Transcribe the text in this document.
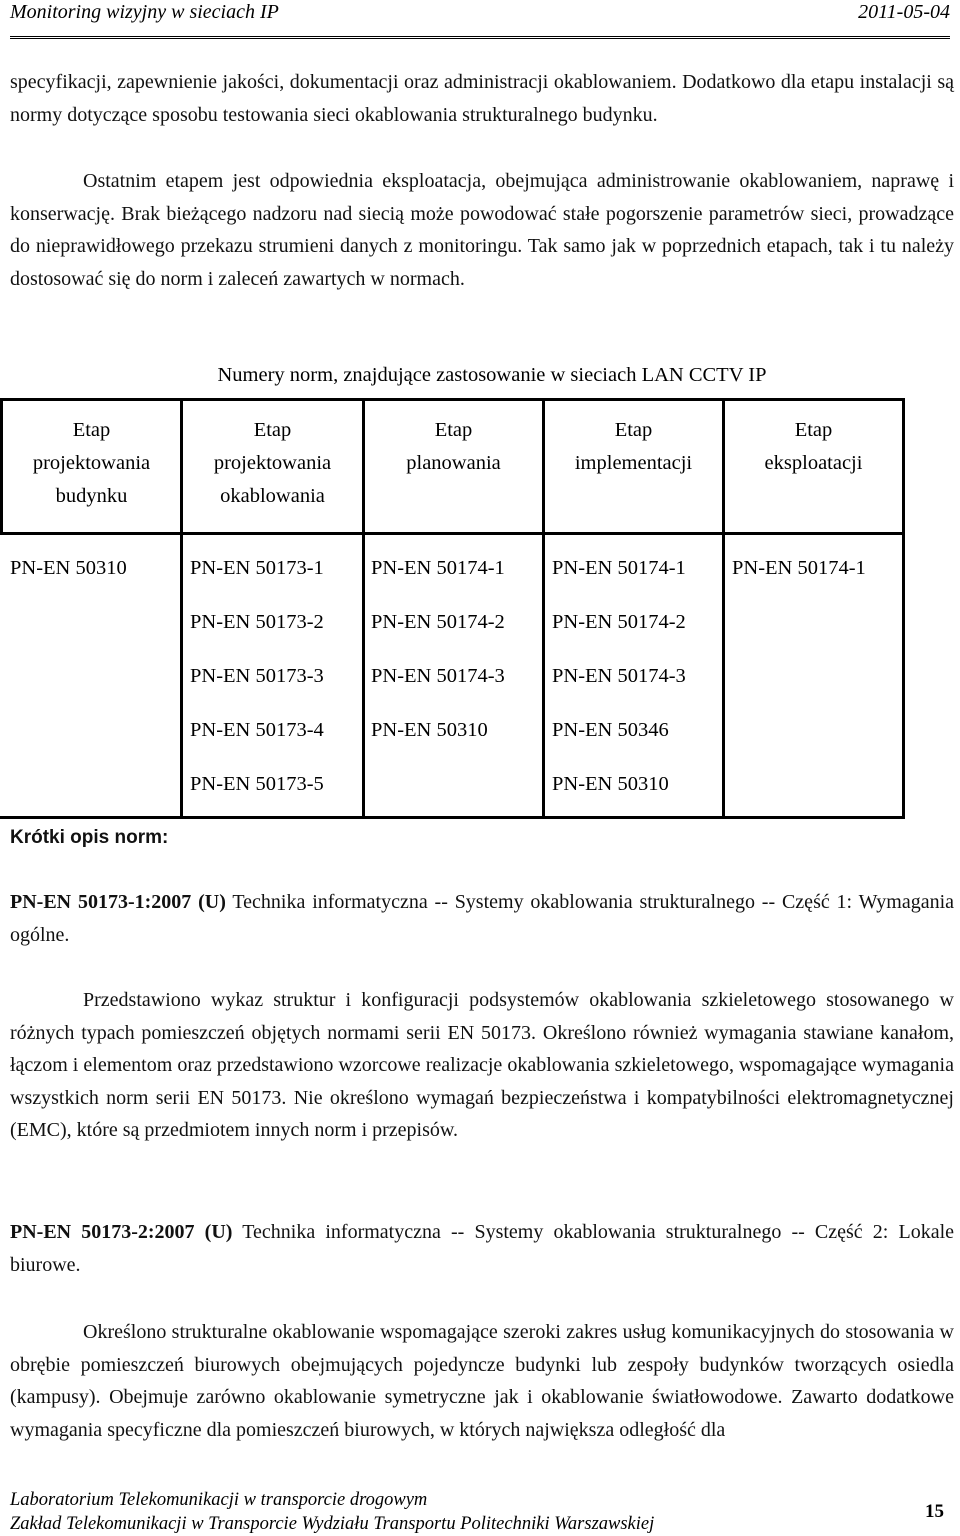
Monitoring wizyjny w sieciach IP	2011-05-04
specyfikacji, zapewnienie jakości, dokumentacji oraz administracji okablowaniem. Dodatkowo dla etapu instalacji są normy dotyczące sposobu testowania sieci okablowania strukturalnego budynku.
Ostatnim etapem jest odpowiednia eksploatacja, obejmująca administrowanie okablowaniem, naprawę i konserwację. Brak bieżącego nadzoru nad siecią może powodować stałe pogorszenie parametrów sieci, prowadzące do nieprawidłowego przekazu strumieni danych z monitoringu. Tak samo jak w poprzednich etapach, tak i tu należy dostosować się do norm i zaleceń zawartych w normach.
Numery norm, znajdujące zastosowanie w sieciach LAN CCTV IP
Etap
projektowania
budynku
Etap
projektowania
okablowania
Etap
planowania
Etap
implementacji
Etap
eksploatacji
PN-EN 50310	PN-EN 50173-1
PN-EN 50173-2
PN-EN 50173-3
PN-EN 50173-4
PN-EN 50173-5
PN-EN 50174-1
PN-EN 50174-2
PN-EN 50174-3
PN-EN 50310
PN-EN 50174-1
PN-EN 50174-2
PN-EN 50174-3
PN-EN 50346
PN-EN 50310
PN-EN 50174-1
Krótki opis norm:
PN-EN 50173-1:2007 (U) Technika informatyczna -- Systemy okablowania strukturalnego -- Część 1: Wymagania ogólne.
Przedstawiono wykaz struktur i konfiguracji podsystemów okablowania szkieletowego stosowanego w różnych typach pomieszczeń objętych normami serii EN 50173. Określono również wymagania stawiane kanałom, łączom i elementom oraz przedstawiono wzorcowe realizacje okablowania szkieletowego, wspomagające wymagania wszystkich norm serii EN 50173. Nie określono wymagań bezpieczeństwa i kompatybilności elektromagnetycznej (EMC), które są przedmiotem innych norm i przepisów.
PN-EN 50173-2:2007 (U) Technika informatyczna -- Systemy okablowania strukturalnego -- Część 2: Lokale biurowe.
Określono strukturalne okablowanie wspomagające szeroki zakres usług komunikacyjnych do stosowania w obrębie pomieszczeń biurowych obejmujących pojedyncze budynki lub zespoły budynków tworzących osiedla (kampusy). Obejmuje zarówno okablowanie symetryczne jak i okablowanie światłowodowe. Zawarto dodatkowe wymagania specyficzne dla pomieszczeń biurowych, w których największa odległość dla
Laboratorium Telekomunikacji w transporcie drogowym
Zakład Telekomunikacji w Transporcie Wydziału Transportu Politechniki Warszawskiej
15
